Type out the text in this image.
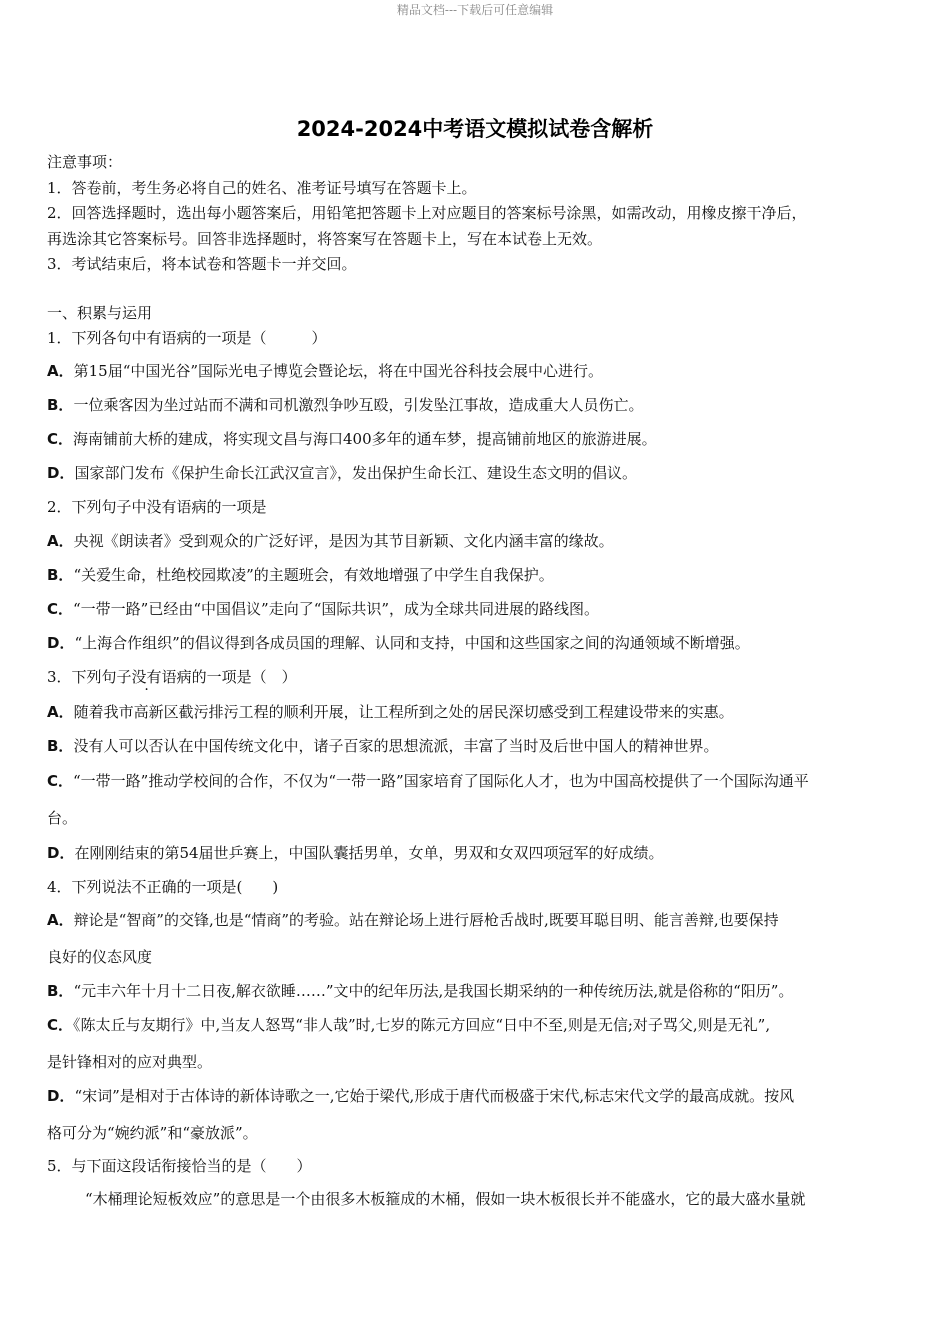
精品文档---下载后可任意编辑
2024-2024中考语文模拟试卷含解析
注意事项：
1．答卷前，考生务必将自己的姓名、准考证号填写在答题卡上。
2．回答选择题时，选出每小题答案后，用铅笔把答题卡上对应题目的答案标号涂黑，如需改动，用橡皮擦干净后，
再选涂其它答案标号。回答非选择题时，将答案写在答题卡上，写在本试卷上无效。
3．考试结束后，将本试卷和答题卡一并交回。
一、积累与运用
1．下列各句中有语病的一项是（　　　）
A．第15届“中国光谷”国际光电子博览会暨论坛，将在中国光谷科技会展中心进行。
B．一位乘客因为坐过站而不满和司机激烈争吵互殴，引发坠江事故，造成重大人员伤亡。
C．海南铺前大桥的建成，将实现文昌与海口400多年的通车梦，提高铺前地区的旅游进展。
D．国家部门发布《保护生命长江武汉宣言》，发出保护生命长江、建设生态文明的倡议。
2．下列句子中没有语病的一项是
A．央视《朗读者》受到观众的广泛好评，是因为其节目新颖、文化内涵丰富的缘故。
B．“关爱生命，杜绝校园欺凌”的主题班会，有效地增强了中学生自我保护。
C．“一带一路”已经由“中国倡议”走向了“国际共识”，成为全球共同进展的路线图。
D．“上海合作组织”的倡议得到各成员国的理解、认同和支持，中国和这些国家之间的沟通领域不断增强。
3．下列句子没有语病的一项是（　）
A．随着我市高新区截污排污工程的顺利开展，让工程所到之处的居民深切感受到工程建设带来的实惠。
B．没有人可以否认在中国传统文化中，诸子百家的思想流派，丰富了当时及后世中国人的精神世界。
C．“一带一路”推动学校间的合作，不仅为“一带一路”国家培育了国际化人才，也为中国高校提供了一个国际沟通平
台。
D．在刚刚结束的第54届世乒赛上，中国队囊括男单，女单，男双和女双四项冠军的好成绩。
4．下列说法不正确的一项是(　　)
A．辩论是“智商”的交锋,也是“情商”的考验。站在辩论场上进行唇枪舌战时,既要耳聪目明、能言善辩,也要保持
良好的仪态风度
B．“元丰六年十月十二日夜,解衣欲睡……”文中的纪年历法,是我国长期采纳的一种传统历法,就是俗称的“阳历”。
C．《陈太丘与友期行》中,当友人怒骂“非人哉”时,七岁的陈元方回应“日中不至,则是无信;对子骂父,则是无礼”,
是针锋相对的应对典型。
D．“宋词”是相对于古体诗的新体诗歌之一,它始于梁代,形成于唐代而极盛于宋代,标志宋代文学的最高成就。按风
格可分为“婉约派”和“豪放派”。
5．与下面这段话衔接恰当的是（　　）
“木桶理论短板效应”的意思是一个由很多木板箍成的木桶，假如一块木板很长并不能盛水，它的最大盛水量就
